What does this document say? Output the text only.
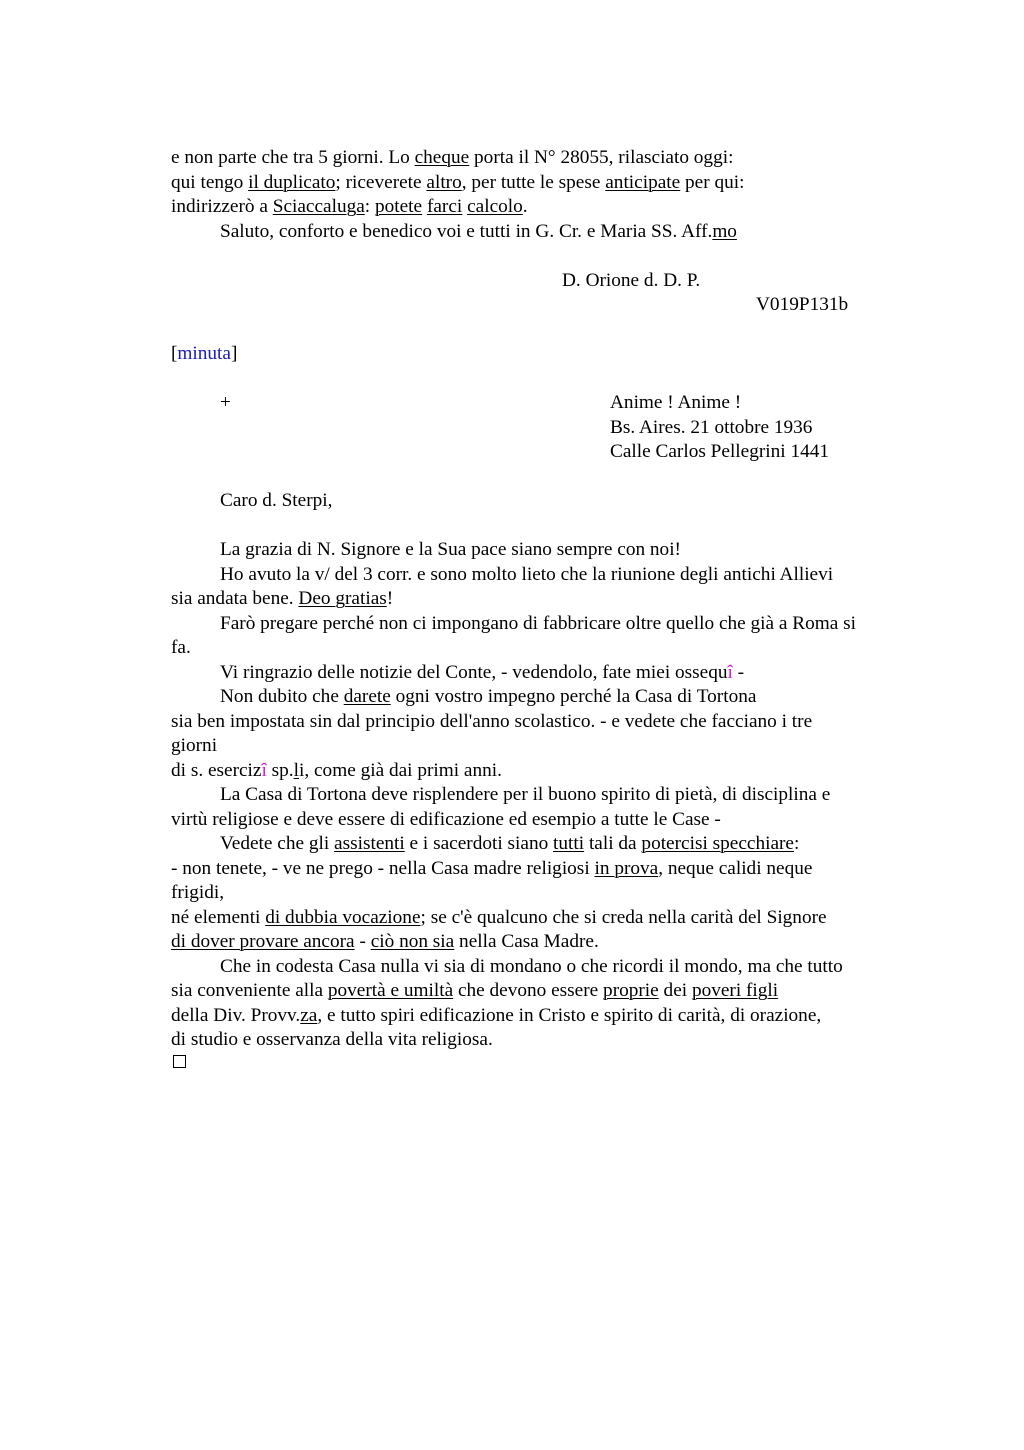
e non parte che tra 5 giorni. Lo cheque porta il N° 28055, rilasciato oggi:
qui tengo il duplicato; riceverete altro, per tutte le spese anticipate per qui:
indirizzerò a Sciaccaluga: potete farci calcolo.
Saluto, conforto e benedico voi e tutti in G. Cr. e Maria SS. Aff.mo
D. Orione d. D. P.
V019P131b
[minuta]
+	Anime ! Anime !
Bs. Aires. 21 ottobre 1936
Calle Carlos Pellegrini 1441
Caro d. Sterpi,
La grazia di N. Signore e la Sua pace siano sempre con noi!
Ho avuto la v/ del 3 corr. e sono molto lieto che la riunione degli antichi Allievi
sia andata bene. Deo gratias!
Farò pregare perché non ci impongano di fabbricare oltre quello che già a Roma si
fa.
Vi ringrazio delle notizie del Conte, - vedendolo, fate miei ossequî -
Non dubito che darete ogni vostro impegno perché la Casa di Tortona
sia ben impostata sin dal principio dell'anno scolastico. - e vedete che facciano i tre
giorni
di s. esercizî sp.li, come già dai primi anni.
La Casa di Tortona deve risplendere per il buono spirito di pietà, di disciplina e
virtù religiose e deve essere di edificazione ed esempio a tutte le Case -
Vedete che gli assistenti e i sacerdoti siano tutti tali da potercisi specchiare:
- non tenete, - ve ne prego - nella Casa madre religiosi in prova, neque calidi neque
frigidi,
né elementi di dubbia vocazione; se c'è qualcuno che si creda nella carità del Signore
di dover provare ancora - ciò non sia nella Casa Madre.
Che in codesta Casa nulla vi sia di mondano o che ricordi il mondo, ma che tutto
sia conveniente alla povertà e umiltà che devono essere proprie dei poveri figli
della Div. Provv.za, e tutto spiri edificazione in Cristo e spirito di carità, di orazione,
di studio e osservanza della vita religiosa.
